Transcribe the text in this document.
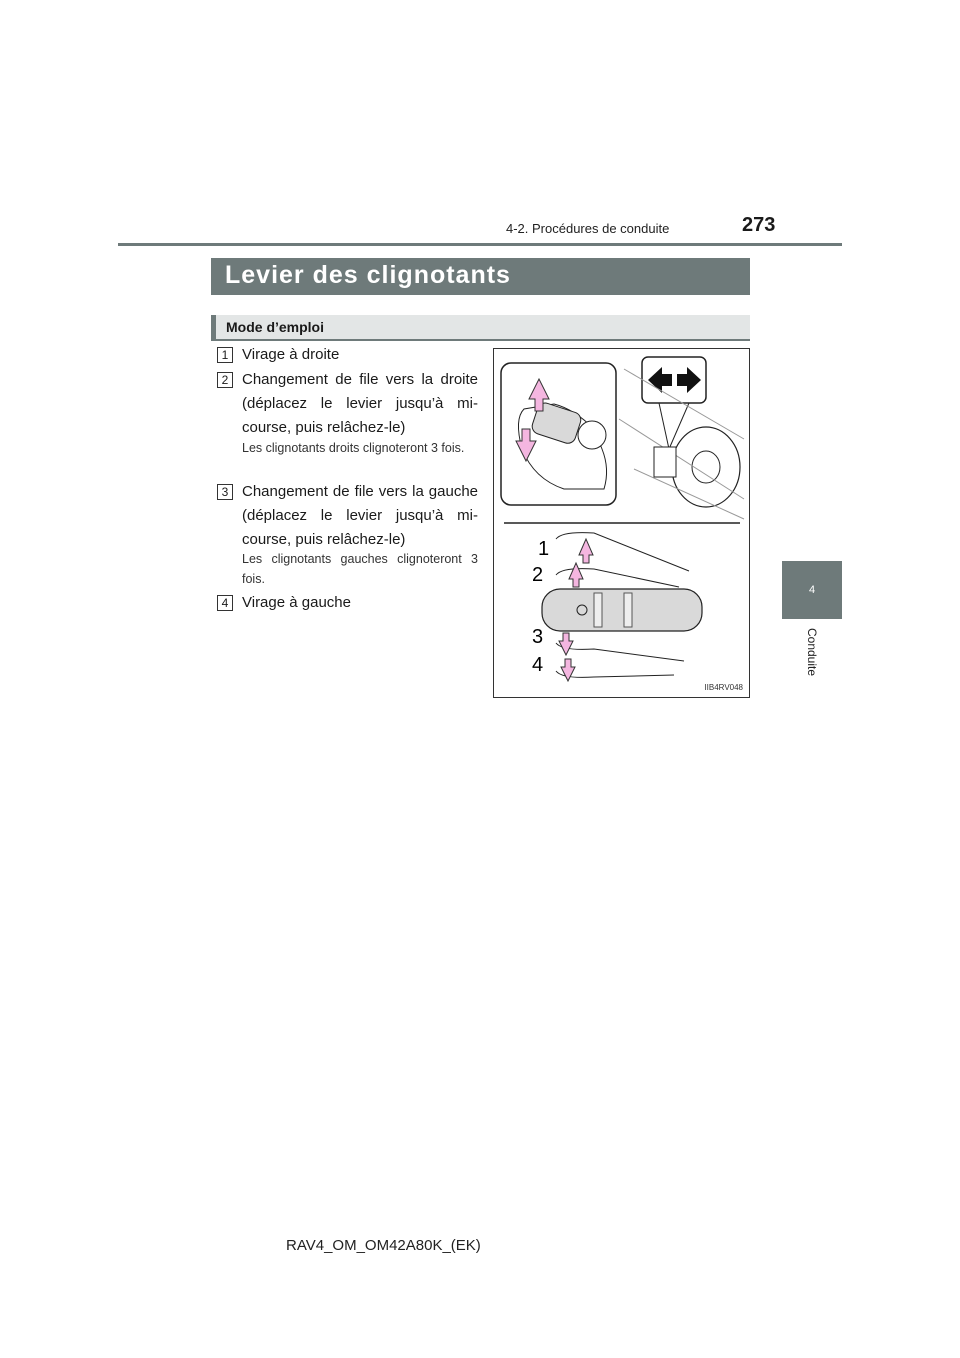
4-2. Procédures de conduite	273
4
Conduite
Levier des clignotants
Mode d’emploi
1 Virage à droite
2 Changement de file vers la droite (déplacez le levier jusqu’à mi-course, puis relâchez-le)
Les clignotants droits clignoteront 3 fois.
3 Changement de file vers la gauche (déplacez le levier jusqu’à mi-course, puis relâchez-le)
Les clignotants gauches clignoteront 3 fois.
4 Virage à gauche
1
2
3
4
IIB4RV048
RAV4_OM_OM42A80K_(EK)
